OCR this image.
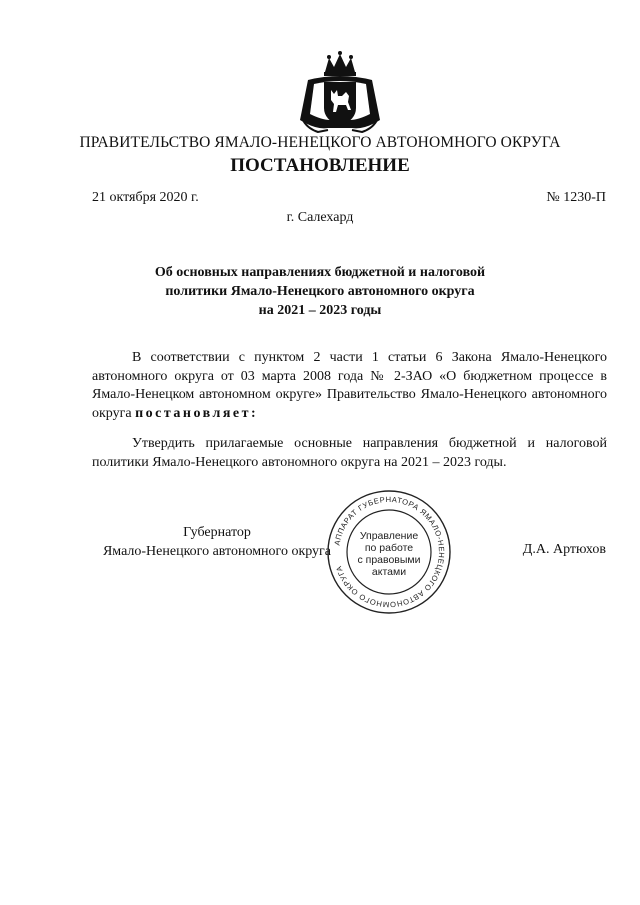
ПРАВИТЕЛЬСТВО ЯМАЛО-НЕНЕЦКОГО АВТОНОМНОГО ОКРУГА
ПОСТАНОВЛЕНИЕ
21 октября 2020 г.	№ 1230-П
г. Салехард
Об основных направлениях бюджетной и налоговой
политики Ямало-Ненецкого автономного округа
на 2021 – 2023 годы
В соответствии с пунктом 2 части 1 статьи 6 Закона Ямало-Ненецкого автономного округа от 03 марта 2008 года № 2-ЗАО «О бюджетном процессе в Ямало-Ненецком автономном округе» Правительство Ямало-Ненецкого автономного округа постановляет:
Утвердить прилагаемые основные направления бюджетной и налоговой политики Ямало-Ненецкого автономного округа на 2021 – 2023 годы.
Губернатор
Ямало-Ненецкого автономного округа	Д.А. Артюхов
АППАРАТ ГУБЕРНАТОРА ЯМАЛО-НЕНЕЦКОГО АВТОНОМНОГО ОКРУГА
Управление
по работе
с правовыми
актами
